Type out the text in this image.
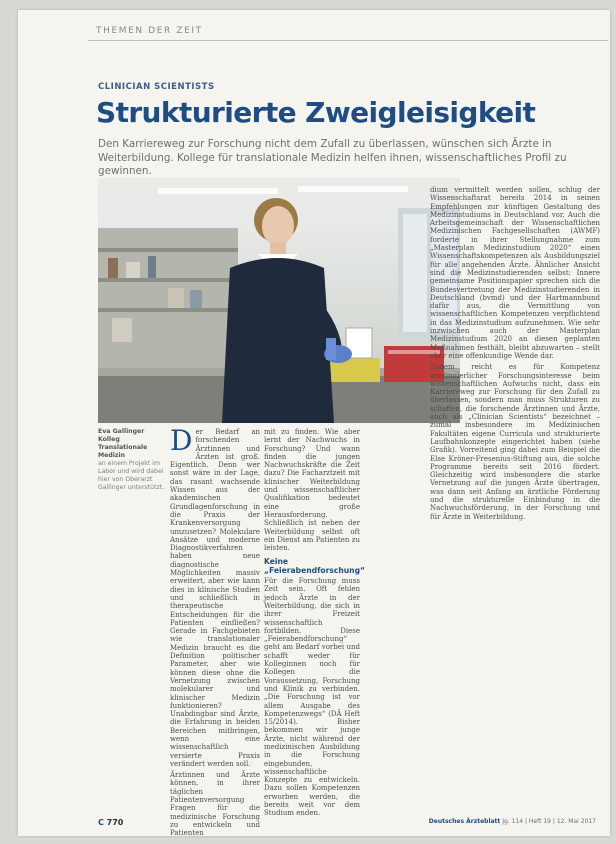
THEMEN DER ZEIT
CLINICIAN SCIENTISTS
Strukturierte Zweigleisigkeit

Den Karriereweg zur Forschung nicht dem Zufall zu überlassen, wünschen sich Ärzte in Weiterbildung. Kollege für translationale Medizin helfen ihnen, wissenschaftliches Profil zu gewinnen.

Eva Gallinger
Kolleg Translationale Medizin
an einem Projekt im Labor und wird dabei hier von Oberarzt Gallinger unterstützt.

Der Bedarf an forschenden Ärztinnen und Ärzten ist groß. Eigentlich. Denn wer sonst wäre in der Lage, das rasant wachsende Wissen aus der akademischen Grundlagenforschung in die Praxis der Krankenversorgung umzusetzen? Molekulare Ansätze und moderne Diagnostikverfahren haben neue diagnostische Möglichkeiten massiv erweitert, aber wie kann dies in klinische Studien und schließlich in therapeutische Entscheidungen für die Patienten einfließen? Gerade in Fachgebieten wie translationaler Medizin braucht es die Definition politischer Parameter, aber wie können diese ohne die Vernetzung zwischen molekularer und klinischer Medizin funktionieren? Unabdingbar sind Ärzte, die Erfahrung in beiden Bereichen mitbringen, wenn eine wissenschaftlich versierte Praxis verändert werden soll.

Ärztinnen und Ärzte können, in ihrer täglichen Patientenversorgung Fragen für die medizinische Forschung zu entwickeln und Patienten

mit zu finden. Wie aber lernt der Nachwuchs in Forschung? Und wann finden die jungen Nachwuchskräfte die Zeit dazu? Die Facharztzeit mit klinischer Weiterbildung und wissenschaftlicher Qualifikation bedeutet eine große Herausforderung. Schließlich ist neben der Weiterbildung selbst oft ein Dienst am Patienten zu leisten.

Keine „Feierabendforschung“

Für die Forschung muss Zeit sein. Oft fehlen jedoch Ärzte in der Weiterbildung, die sich in ihrer Freizeit wissenschaftlich fortbilden. Diese „Feierabendforschung“ geht am Bedarf vorbei und schafft weder für Kolleginnen noch für Kollegen die Voraussetzung, Forschung und Klinik zu verbinden. „Die Forschung ist vor allem Ausgabe des Kompetenzwegs“ (DÄ Heft 15/2014). Bisher bekommen wir junge Ärzte, nicht während der medizinischen Ausbildung in die Forschung eingebunden, wissenschaftliche Konzepte zu entwickeln. Dazu sollen Kompetenzen erworben werden, die bereits weit vor dem Studium enden.

dium vermittelt werden sollen, schlug der Wissenschaftsrat bereits 2014 in seinen Empfehlungen zur künftigen Gestaltung des Medizinstudiums in Deutschland vor. Auch die Arbeitsgemeinschaft der Wissenschaftlichen Medizinischen Fachgesellschaften (AWMF) forderte in ihrer Stellungnahme zum „Masterplan Medizinstudium 2020“ einen Wissenschaftskompetenzen als Ausbildungsziel für alle angehenden Ärzte. Ähnlicher Ansicht sind die Medizinstudierenden selbst: Innere gemeinsame Positionspapier sprechen sich die Bundesvertretung der Medizinstudierenden in Deutschland (bvmd) und der Hartmannbund dafür aus, die Vermittlung von wissenschaftlichen Kompetenzen verpflichtend in das Medizinstudium aufzunehmen. Wie sehr inzwischen auch der Masterplan Medizinstudium 2020 an diesen geplanten Maßnahmen festhält, bleibt abzuwarten – stellt aber eine offenkundige Wende dar.

Zudem reicht es für Kompetenz kontinuierlicher Forschungsinteresse beim wissenschaftlichen Aufwuchs nicht, dass ein Karriereweg zur Forschung für den Zufall zu überlassen, sondern man muss Strukturen zu schaffen, die forschende Ärztinnen und Ärzte, auch als „Clinician Scientists“ bezeichnet – zumal insbesondere im Medizinischen Fakultäten eigene Curricula und strukturierte Laufbahnkonzepte eingerichtet haben (siehe Grafik). Vorreitend ging dabei zum Beispiel die Else Kröner-Fresenius-Stiftung aus, die solche Programme bereits seit 2016 fördert. Gleichzeitig wird insbesondere die starke Vernetzung auf die jungen Ärzte übertragen, was dann seit Anfang an ärztliche Förderung und die strukturelle Einbindung in die Nachwuchsförderung, in der Forschung und für Ärzte in Weiterbildung.

C 770	Deutsches Ärzteblatt Jg. 114 | Heft 19 | 12. Mai 2017
